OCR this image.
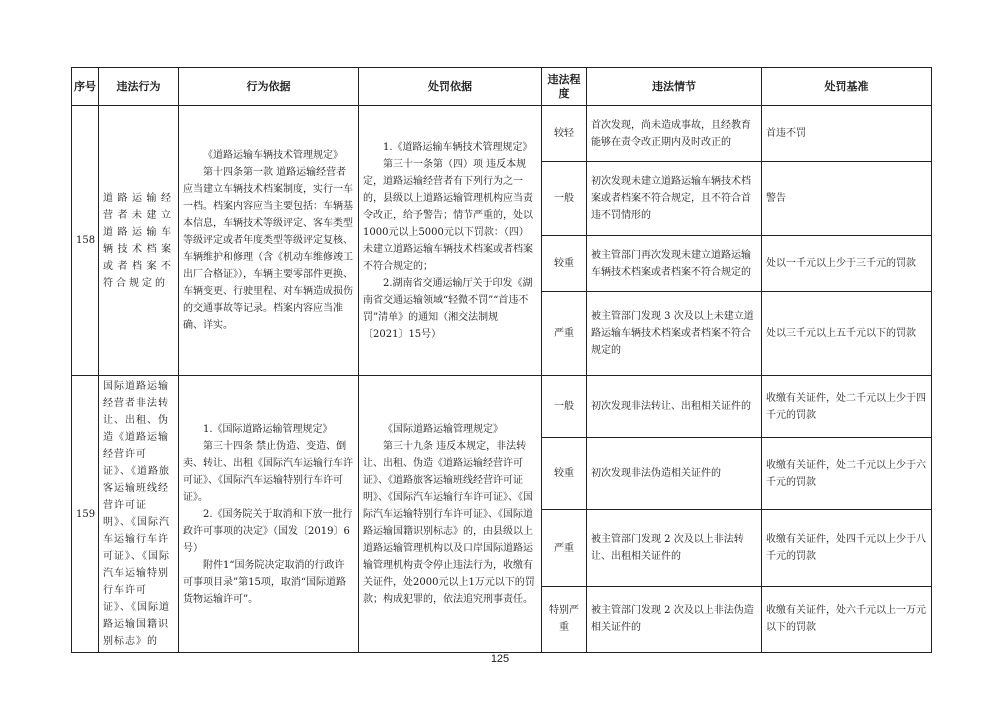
序号	违法行为	行为依据	处罚依据	违法程度	违法情节	处罚基准
158	道路运输经营者未建立道路运输车辆技术档案或者档案不符合规定的	《道路运输车辆技术管理规定》
第十四条第一款 道路运输经营者应当建立车辆技术档案制度，实行一车一档。档案内容应当主要包括：车辆基本信息，车辆技术等级评定、客车类型等级评定或者年度类型等级评定复核、车辆维护和修理（含《机动车维修竣工出厂合格证》），车辆主要零部件更换、车辆变更、行驶里程、对车辆造成损伤的交通事故等记录。档案内容应当准确、详实。	1.《道路运输车辆技术管理规定》
第三十一条第（四）项 违反本规定，道路运输经营者有下列行为之一的，县级以上道路运输管理机构应当责令改正，给予警告；情节严重的，处以1000元以上5000元以下罚款：（四）未建立道路运输车辆技术档案或者档案不符合规定的；
2.湖南省交通运输厅关于印发《湖南省交通运输领域“轻微不罚”“首违不罚”清单》的通知（湘交法制规〔2021〕15号）	较轻	首次发现，尚未造成事故，且经教育能够在责令改正期内及时改正的	首违不罚
				一般	初次发现未建立道路运输车辆技术档案或者档案不符合规定，且不符合首违不罚情形的	警告
				较重	被主管部门再次发现未建立道路运输车辆技术档案或者档案不符合规定的	处以一千元以上少于三千元的罚款
				严重	被主管部门发现 3 次及以上未建立道路运输车辆技术档案或者档案不符合规定的	处以三千元以上五千元以下的罚款
159	国际道路运输经营者非法转让、出租、伪造《道路运输经营许可证》、《道路旅客运输班线经营许可证明》、《国际汽车运输行车许可证》、《国际汽车运输特别行车许可证》、《国际道路运输国籍识别标志》的	1.《国际道路运输管理规定》
第三十四条 禁止伪造、变造、倒卖、转让、出租《国际汽车运输行车许可证》、《国际汽车运输特别行车许可证》。
2.《国务院关于取消和下放一批行政许可事项的决定》（国发〔2019〕6号）
附件1“国务院决定取消的行政许可事项目录”第15项，取消“国际道路货物运输许可”。	《国际道路运输管理规定》
第三十九条 违反本规定，非法转让、出租、伪造《道路运输经营许可证》、《道路旅客运输班线经营许可证明》、《国际汽车运输行车许可证》、《国际汽车运输特别行车许可证》、《国际道路运输国籍识别标志》的，由县级以上道路运输管理机构以及口岸国际道路运输管理机构责令停止违法行为，收缴有关证件，处2000元以上1万元以下的罚款；构成犯罪的，依法追究刑事责任。	一般	初次发现非法转让、出租相关证件的	收缴有关证件，处二千元以上少于四千元的罚款
				较重	初次发现非法伪造相关证件的	收缴有关证件，处二千元以上少于六千元的罚款
				严重	被主管部门发现 2 次及以上非法转让、出租相关证件的	收缴有关证件，处四千元以上少于八千元的罚款
				特别严重	被主管部门发现 2 次及以上非法伪造相关证件的	收缴有关证件，处六千元以上一万元以下的罚款
125
